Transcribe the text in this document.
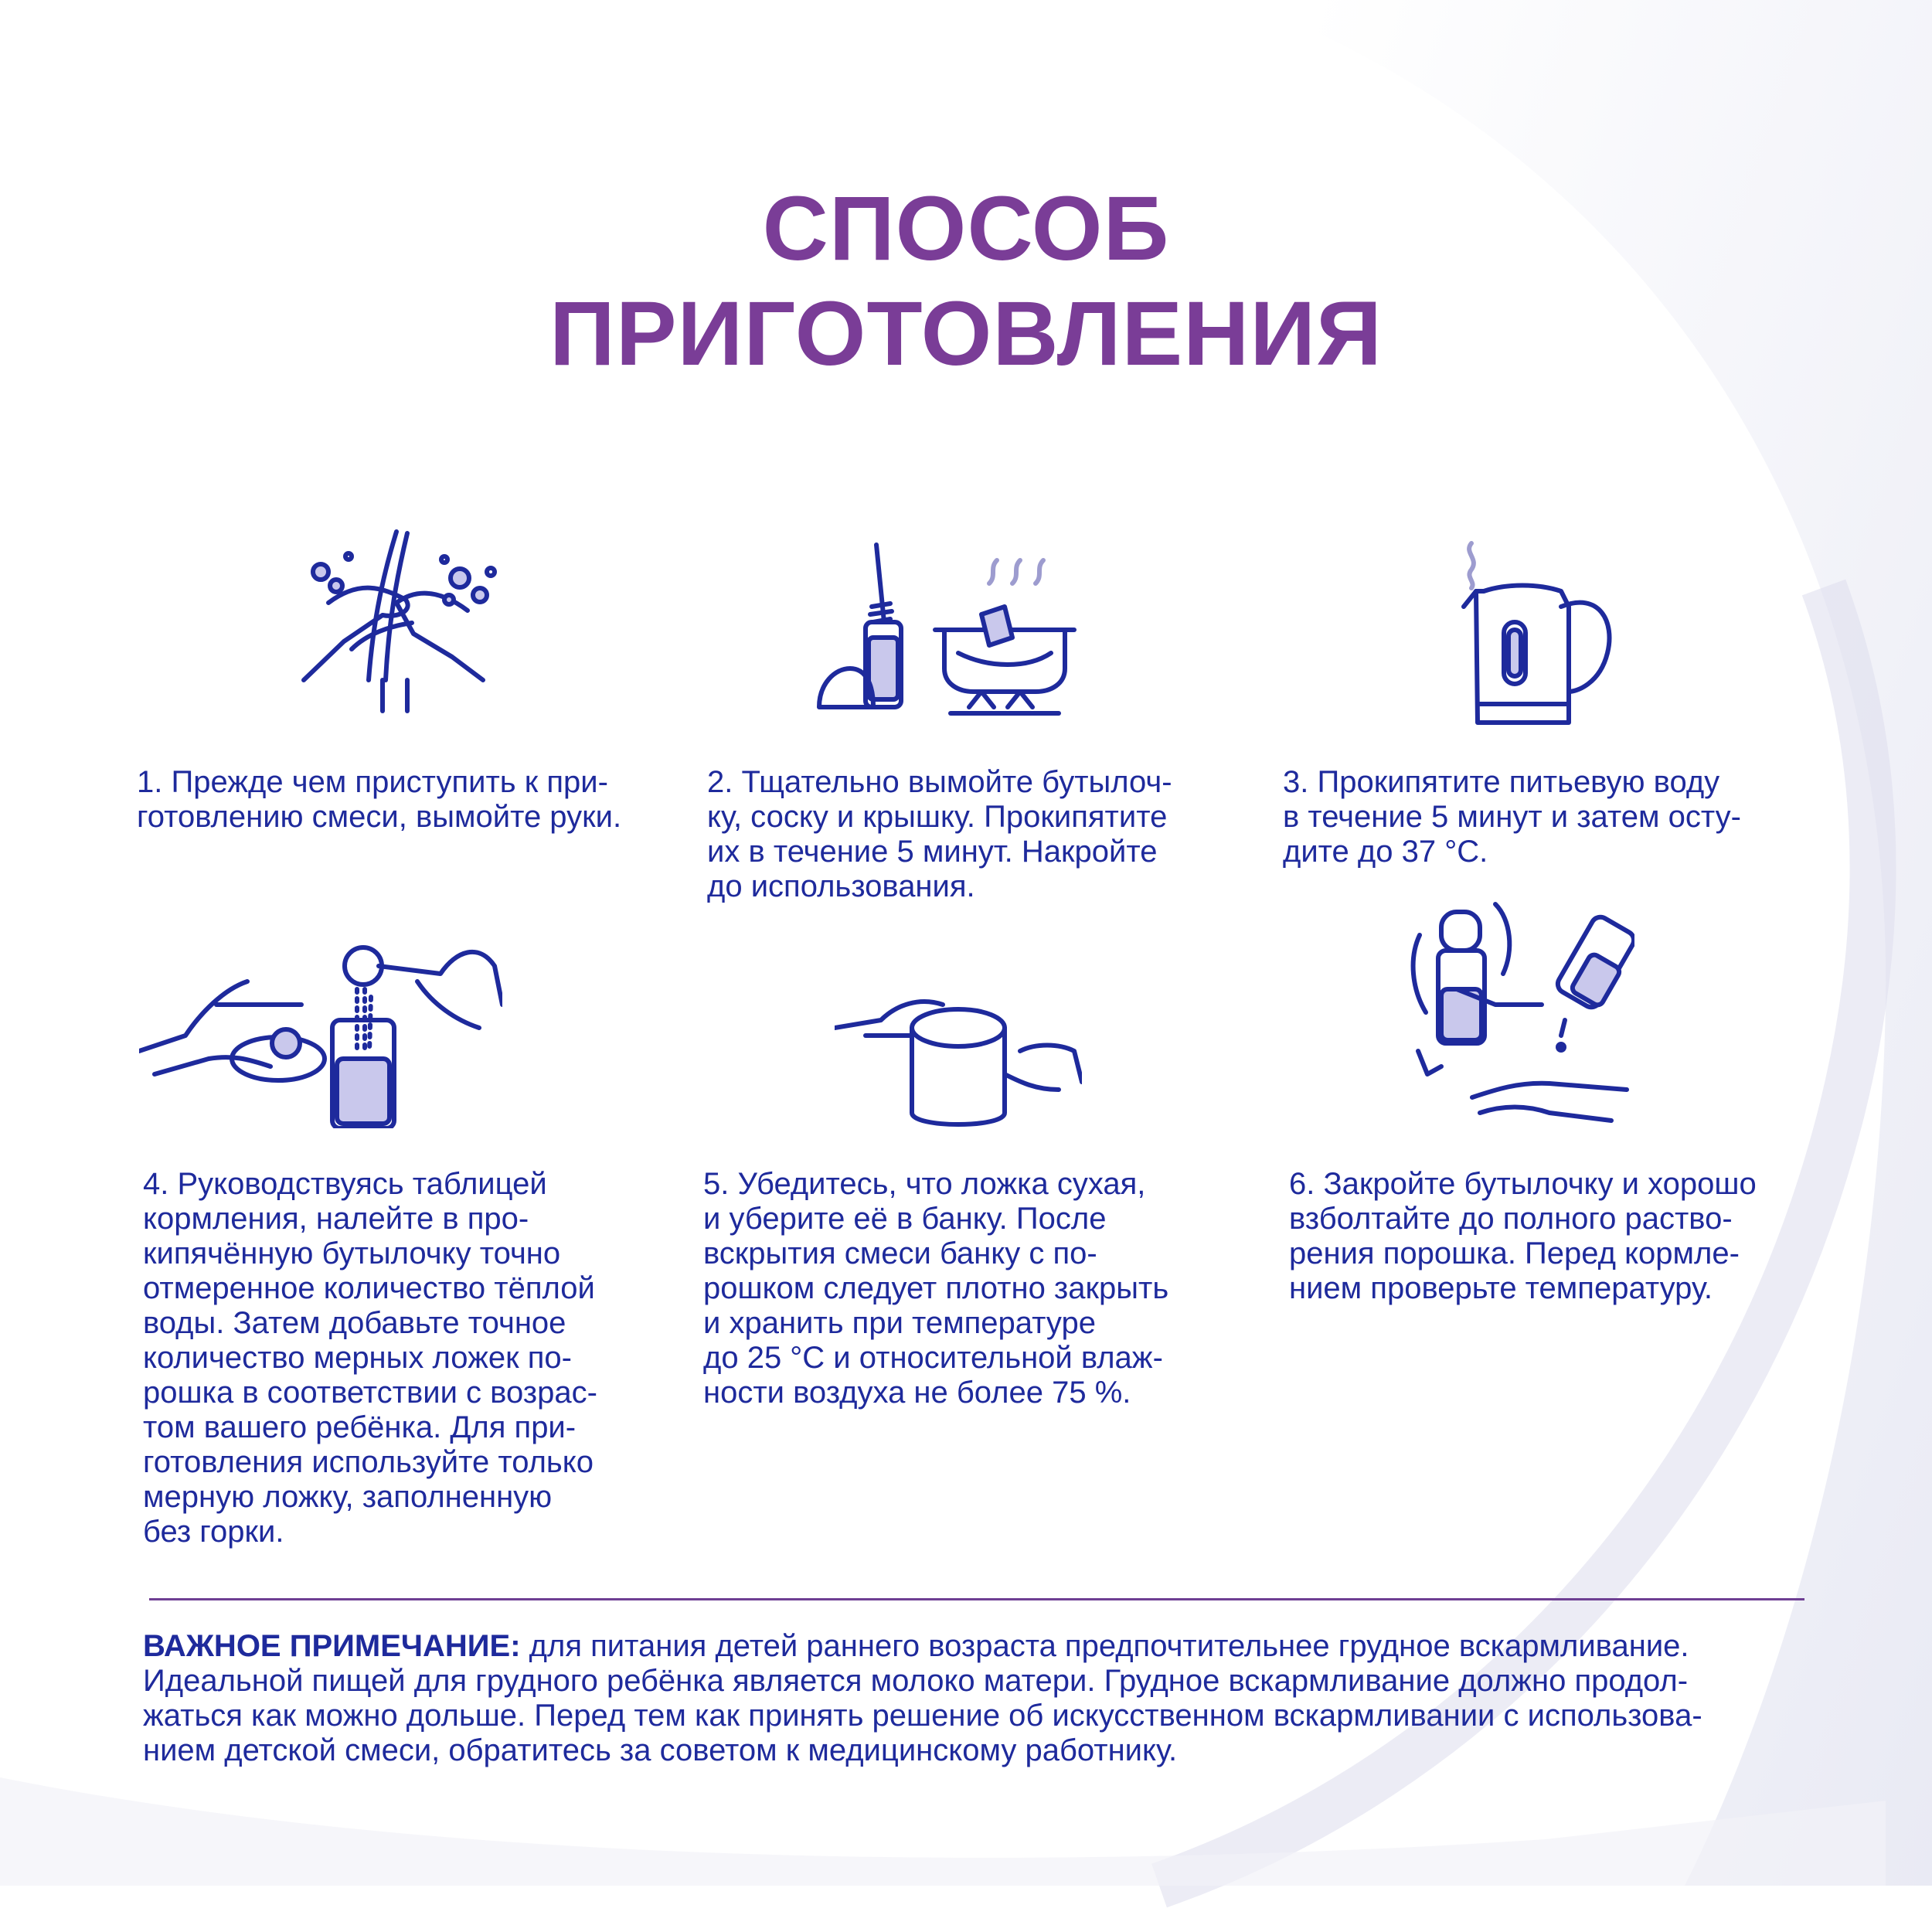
СПОСОБ
ПРИГОТОВЛЕНИЯ
1. Прежде чем приступить к при-
готовлению смеси, вымойте руки.
2. Тщательно вымойте бутылоч-
ку, соску и крышку. Прокипятите
их в течение 5 минут. Накройте
до использования.
3. Прокипятите питьевую воду
в течение 5 минут и затем осту-
дите до 37 °С.
4. Руководствуясь таблицей
кормления, налейте в про-
кипячённую бутылочку точно
отмеренное количество тёплой
воды. Затем добавьте точное
количество мерных ложек по-
рошка в соответствии с возрас-
том вашего ребёнка. Для при-
готовления используйте только
мерную ложку, заполненную
без горки.
5. Убедитесь, что ложка сухая,
и уберите её в банку. После
вскрытия смеси банку с по-
рошком следует плотно закрыть
и хранить при температуре
до 25 °С и относительной влаж-
ности воздуха не более 75 %.
6. Закройте бутылочку и хорошо
взболтайте до полного раство-
рения порошка. Перед кормле-
нием проверьте температуру.
ВАЖНОЕ ПРИМЕЧАНИЕ: для питания детей раннего возраста предпочтительнее грудное вскармливание.
Идеальной пищей для грудного ребёнка является молоко матери. Грудное вскармливание должно продол-
жаться как можно дольше. Перед тем как принять решение об искусственном вскармливании с использова-
нием детской смеси, обратитесь за советом к медицинскому работнику.
